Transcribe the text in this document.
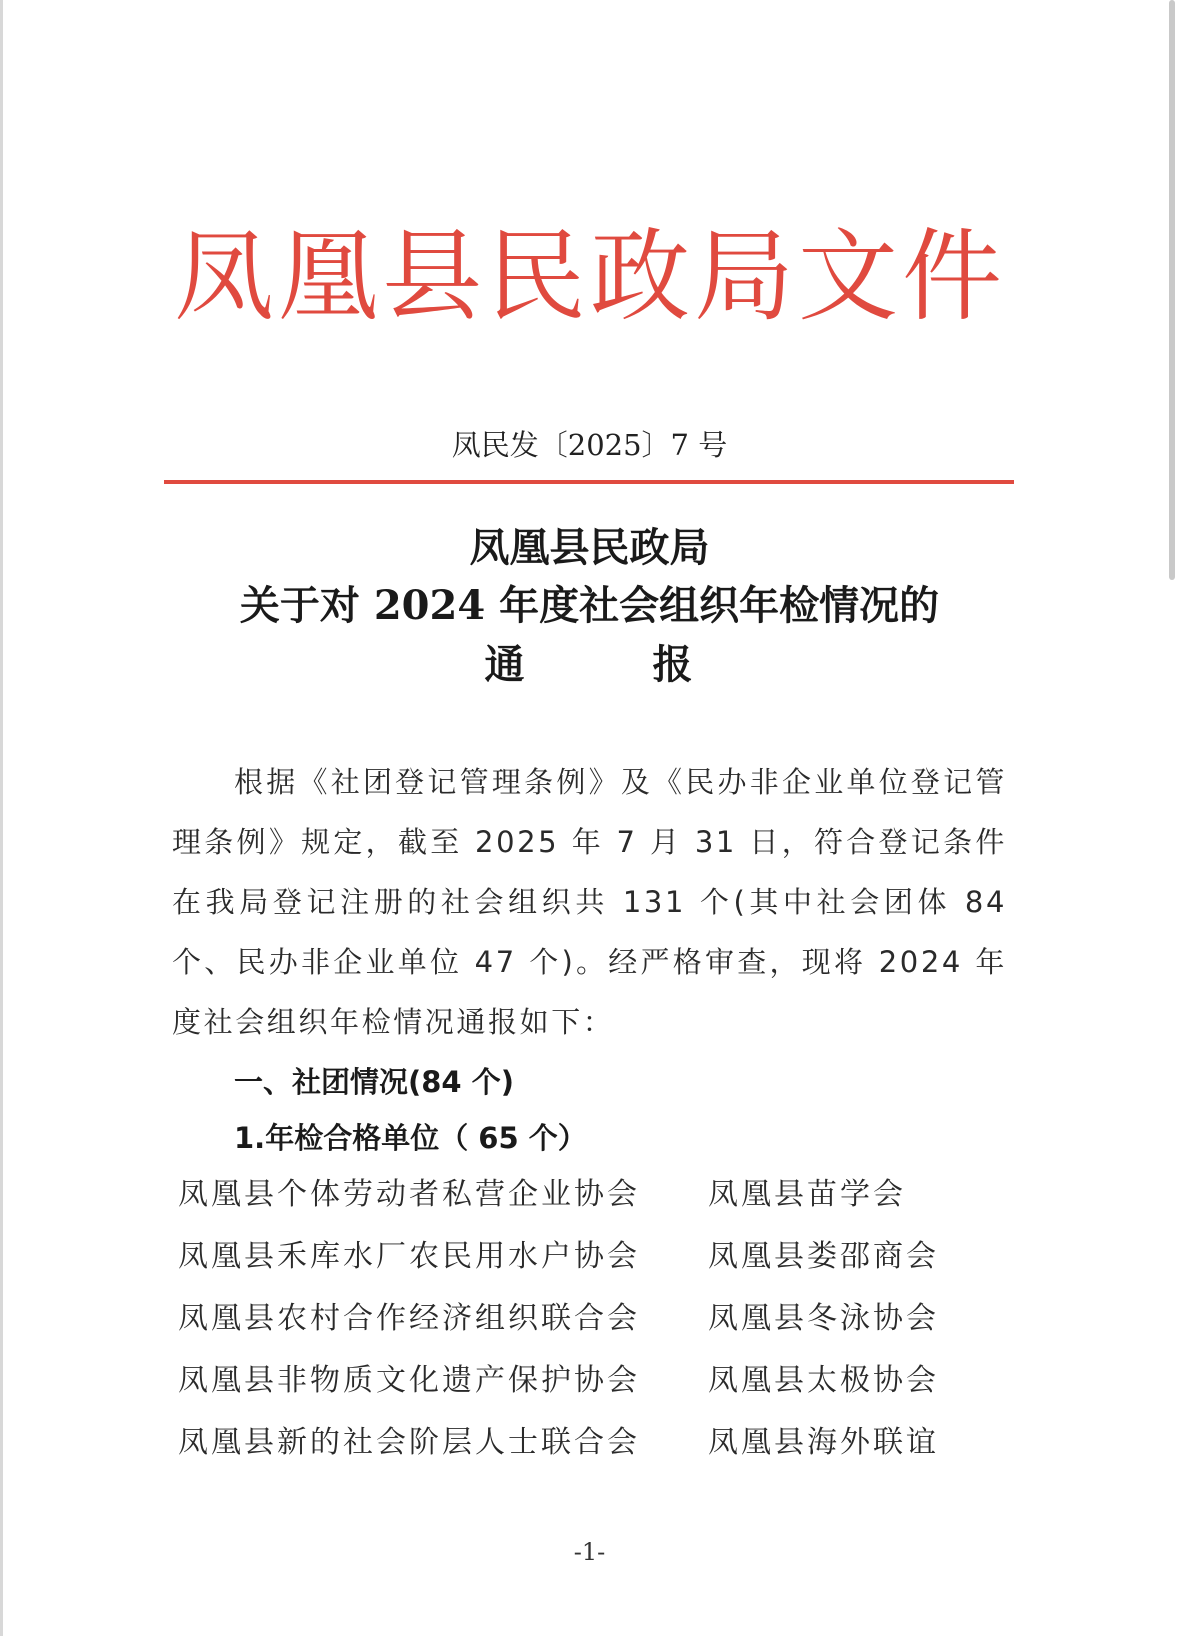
凤凰县民政局文件
凤民发〔2025〕7 号
凤凰县民政局
关于对 2024 年度社会组织年检情况的
通　　　报
根据《社团登记管理条例》及《民办非企业单位登记管理条例》规定，截至 2025 年 7 月 31 日，符合登记条件在我局登记注册的社会组织共 131 个(其中社会团体 84 个、民办非企业单位 47 个)。经严格审查，现将 2024 年度社会组织年检情况通报如下：
一、社团情况(84 个)
1.年检合格单位（ 65 个）
凤凰县个体劳动者私营企业协会 凤凰县苗学会
凤凰县禾库水厂农民用水户协会 凤凰县娄邵商会
凤凰县农村合作经济组织联合会 凤凰县冬泳协会
凤凰县非物质文化遗产保护协会 凤凰县太极协会
凤凰县新的社会阶层人士联合会 凤凰县海外联谊
-1-
